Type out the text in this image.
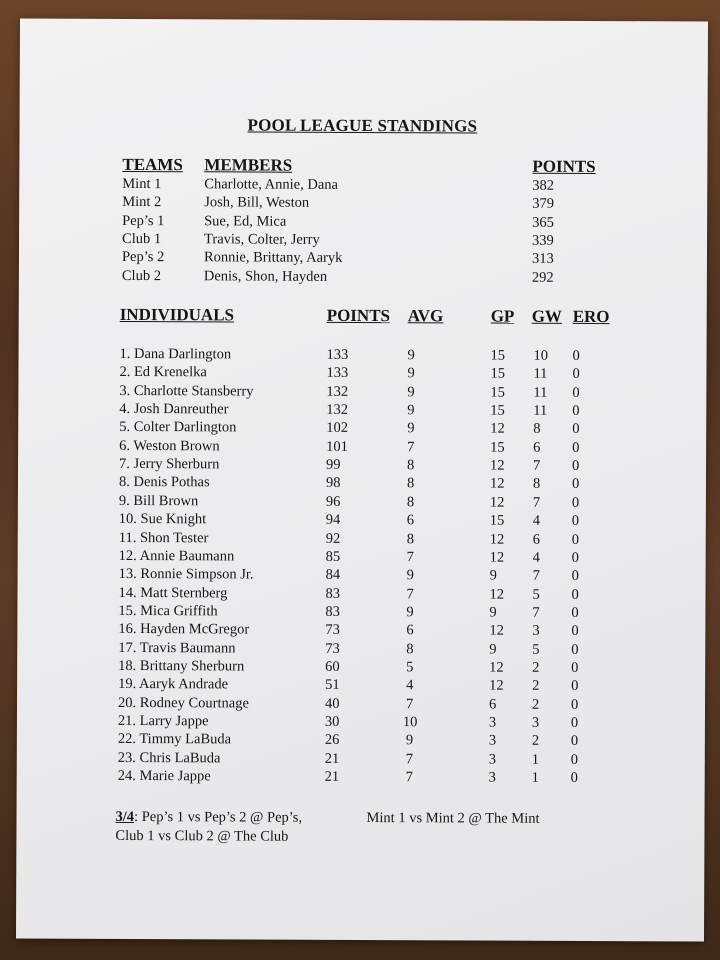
POOL LEAGUE STANDINGS
TEAMS MEMBERS	POINTS
Mint 1	Charlotte, Annie, Dana	382
Mint 2	Josh, Bill, Weston	379
Pep’s 1	Sue, Ed, Mica	365
Club 1	Travis, Colter, Jerry	339
Pep’s 2	Ronnie, Brittany, Aaryk	313
Club 2	Denis, Shon, Hayden	292
INDIVIDUALS	POINTS AVG	GP GW ERO
1. Dana Darlington	133	9	15 10 0
2. Ed Krenelka	133	9	15 11 0
3. Charlotte Stansberry	132	9	15 11 0
4. Josh Danreuther	132	9	15 11 0
5. Colter Darlington	102	9	12 8 0
6. Weston Brown	101	7	15 6 0
7. Jerry Sherburn	99	8	12 7 0
8. Denis Pothas	98	8	12 8 0
9. Bill Brown	96	8	12 7 0
10. Sue Knight	94	6	15 4 0
11. Shon Tester	92	8	12 6 0
12. Annie Baumann	85	7	12 4 0
13. Ronnie Simpson Jr.	84	9	9 7 0
14. Matt Sternberg	83	7	12 5 0
15. Mica Griffith	83	9	9 7 0
16. Hayden McGregor	73	6	12 3 0
17. Travis Baumann	73	8	9 5 0
18. Brittany Sherburn	60	5	12 2 0
19. Aaryk Andrade	51	4	12 2 0
20. Rodney Courtnage	40	7	6 2 0
21. Larry Jappe	30	10	3 3 0
22. Timmy LaBuda	26	9	3 2 0
23. Chris LaBuda	21	7	3 1 0
24. Marie Jappe	21	7	3 1 0
3/4: Pep’s 1 vs Pep’s 2 @ Pep’s,	Mint 1 vs Mint 2 @ The Mint
Club 1 vs Club 2 @ The Club
